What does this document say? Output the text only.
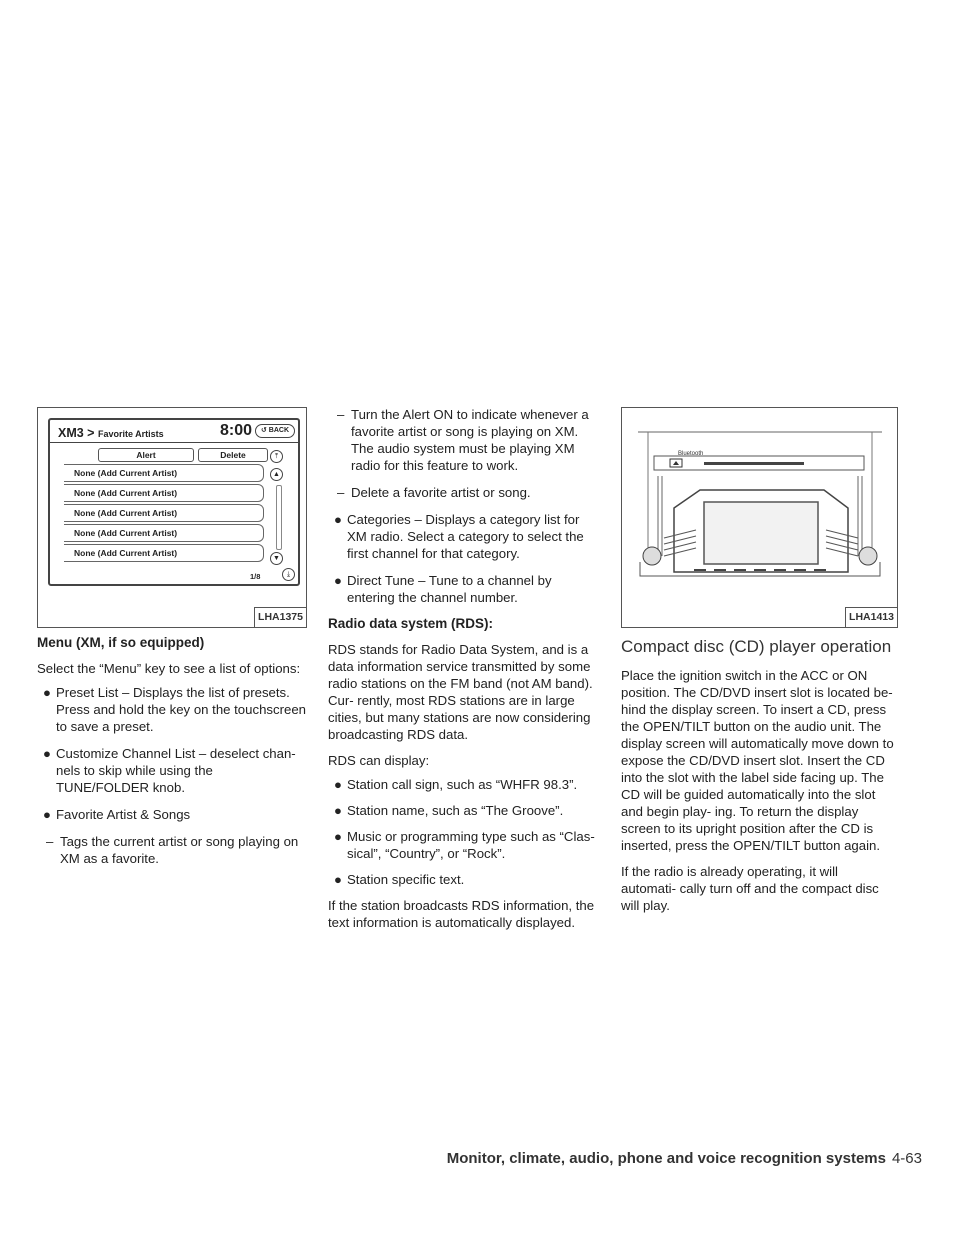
XM3 > Favorite Artists	8:00	↺ BACK
Alert	Delete
None (Add Current Artist)
None (Add Current Artist)
None (Add Current Artist)
None (Add Current Artist)
None (Add Current Artist)
⤒
▲
▼
⤓
1/8
LHA1375

Menu (XM, if so equipped)

Select the “Menu” key to see a list of options:

● Preset List – Displays the list of presets. Press and hold the key on the touchscreen to save a preset.
● Customize Channel List – deselect chan- nels to skip while using the TUNE/FOLDER knob.
● Favorite Artist & Songs
– Tags the current artist or song playing on XM as a favorite.
– Turn the Alert ON to indicate whenever a favorite artist or song is playing on XM. The audio system must be playing XM radio for this feature to work.
– Delete a favorite artist or song.
● Categories – Displays a category list for XM radio. Select a category to select the first channel for that category.
● Direct Tune – Tune to a channel by entering the channel number.

Radio data system (RDS):

RDS stands for Radio Data System, and is a data information service transmitted by some radio stations on the FM band (not AM band). Cur- rently, most RDS stations are in large cities, but many stations are now considering broadcasting RDS data.

RDS can display:

● Station call sign, such as “WHFR 98.3”.
● Station name, such as “The Groove”.
● Music or programming type such as “Clas- sical”, “Country”, or “Rock”.
● Station specific text.

If the station broadcasts RDS information, the text information is automatically displayed.

Bluetooth
LHA1413

Compact disc (CD) player operation

Place the ignition switch in the ACC or ON position. The CD/DVD insert slot is located be- hind the display screen. To insert a CD, press the OPEN/TILT button on the audio unit. The display screen will automatically move down to expose the CD/DVD insert slot. Insert the CD into the slot with the label side facing up. The CD will be guided automatically into the slot and begin play- ing. To return the display screen to its upright position after the CD is inserted, press the OPEN/TILT button again.

If the radio is already operating, it will automati- cally turn off and the compact disc will play.

Monitor, climate, audio, phone and voice recognition systems 4-63
